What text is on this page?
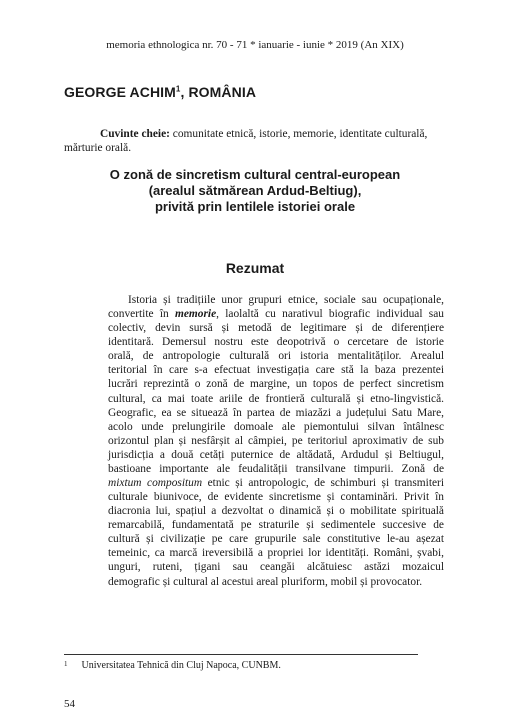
memoria ethnologica nr. 70 - 71 * ianuarie - iunie * 2019 (An XIX)
GEORGE ACHIM$^1$, ROMÂNIA
Cuvinte cheie: comunitate etnică, istorie, memorie, identitate culturală, mărturie orală.
O zonă de sincretism cultural central-european
(arealul sătmărean Ardud-Beltiug),
privită prin lentilele istoriei orale
Rezumat
Istoria și tradițiile unor grupuri etnice, sociale sau ocupaționale,
convertite în memorie, laolaltă cu narativul biografic individual sau
colectiv, devin sursă și metodă de legitimare și de diferențiere
identitară. Demersul nostru este deopotrivă o cercetare de istorie
orală, de antropologie culturală ori istoria mentalităților. Arealul
teritorial în care s-a efectuat investigația care stă la baza prezentei
lucrări reprezintă o zonă de margine, un topos de perfect sincretism
cultural, ca mai toate ariile de frontieră culturală și etno-lingvistică.
Geografic, ea se situează în partea de miazăzi a județului Satu Mare,
acolo unde prelungirile domoale ale piemontului silvan întâlnesc
orizontul plan și nesfârșit al câmpiei, pe teritoriul aproximativ de sub
jurisdicția a două cetăți puternice de altădată, Ardudul și Beltiugul,
bastioane importante ale feudalității transilvane timpurii. Zonă de
mixtum compositum etnic și antropologic, de schimburi și transmiteri
culturale biunivoce, de evidente sincretisme și contaminări. Privit în
diacronia lui, spațiul a dezvoltat o dinamică și o mobilitate spirituală
remarcabilă, fundamentată pe straturile și sedimentele succesive de
cultură și civilizație pe care grupurile sale constitutive le-au așezat
temeinic, ca marcă ireversibilă a propriei lor identități. Români, șvabi,
unguri, ruteni, țigani sau ceangăi alcătuiesc astăzi mozaicul
demografic și cultural al acestui areal pluriform, mobil și provocator.
$^1$ Universitatea Tehnică din Cluj Napoca, CUNBM.
54
